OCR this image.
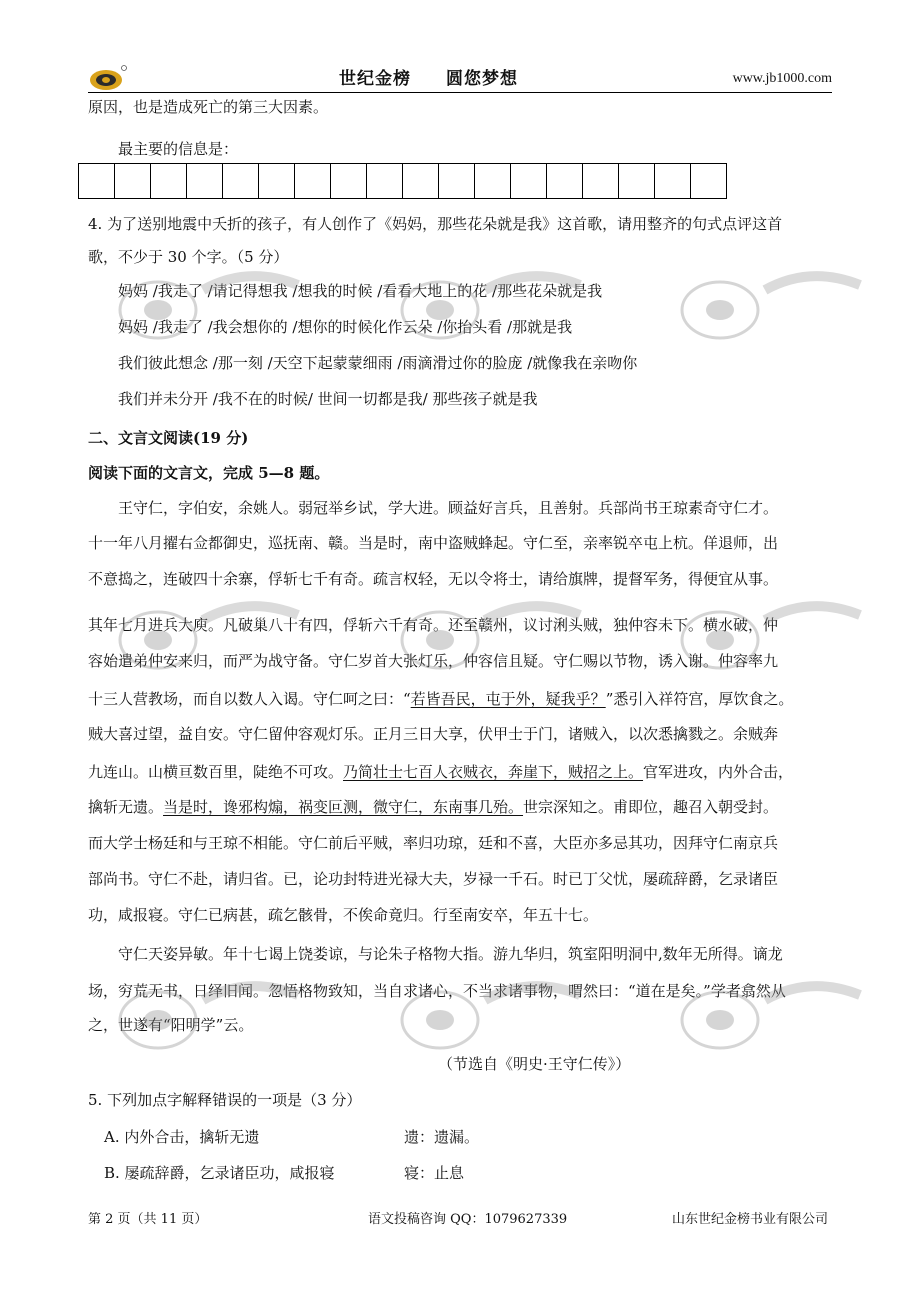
世纪金榜 圆您梦想	www.jb1000.com
原因，也是造成死亡的第三大因素。
最主要的信息是：
4. 为了送别地震中夭折的孩子，有人创作了《妈妈，那些花朵就是我》这首歌，请用整齐的句式点评这首
歌，不少于 30 个字。（5 分）
妈妈 /我走了 /请记得想我 /想我的时候 /看看大地上的花 /那些花朵就是我
妈妈 /我走了 /我会想你的 /想你的时候化作云朵 /你抬头看 /那就是我
我们彼此想念 /那一刻 /天空下起蒙蒙细雨 /雨滴滑过你的脸庞 /就像我在亲吻你
我们并未分开 /我不在的时候/ 世间一切都是我/ 那些孩子就是我
二、文言文阅读(19 分)
阅读下面的文言文，完成 5—8 题。
王守仁，字伯安，余姚人。弱冠举乡试，学大进。顾益好言兵，且善射。兵部尚书王琼素奇守仁才。
十一年八月擢右佥都御史，巡抚南、赣。当是时，南中盗贼蜂起。守仁至，亲率锐卒屯上杭。佯退师，出
不意捣之，连破四十余寨，俘斩七千有奇。疏言权轻，无以令将士，请给旗牌，提督军务，得便宜从事。
其年七月进兵大庾。凡破巢八十有四，俘斩六千有奇。还至赣州，议讨浰头贼，独仲容未下。横水破，仲
容始遣弟仲安来归，而严为战守备。守仁岁首大张灯乐，仲容信且疑。守仁赐以节物，诱入谢。仲容率九
十三人营教场，而自以数人入谒。守仁呵之曰：“若皆吾民，屯于外，疑我乎？”悉引入祥符宫，厚饮食之。
贼大喜过望，益自安。守仁留仲容观灯乐。正月三日大享，伏甲士于门，诸贼入，以次悉擒戮之。余贼奔
九连山。山横亘数百里，陡绝不可攻。乃简壮士七百人衣贼衣，奔崖下，贼招之上。官军进攻，内外合击，
擒斩无遗。当是时，谗邪构煽，祸变叵测，微守仁，东南事几殆。世宗深知之。甫即位，趣召入朝受封。
而大学士杨廷和与王琼不相能。守仁前后平贼，率归功琼，廷和不喜，大臣亦多忌其功，因拜守仁南京兵
部尚书。守仁不赴，请归省。已，论功封特进光禄大夫，岁禄一千石。时已丁父忧，屡疏辞爵，乞录诸臣
功，咸报寝。守仁已病甚，疏乞骸骨，不俟命竟归。行至南安卒，年五十七。
守仁天姿异敏。年十七谒上饶娄谅，与论朱子格物大指。游九华归，筑室阳明洞中,数年无所得。谪龙
场，穷荒无书，日绎旧闻。忽悟格物致知，当自求诸心，不当求诸事物，喟然曰：“道在是矣。”学者翕然从
之，世遂有“阳明学”云。
（节选自《明史·王守仁传》）
5. 下列加点字解释错误的一项是（3 分）
A. 内外合击，擒斩无遗	遗：遗漏。
B. 屡疏辞爵，乞录诸臣功，咸报寝	寝：止息
第 2 页（共 11 页）	语文投稿咨询 QQ：1079627339	山东世纪金榜书业有限公司
